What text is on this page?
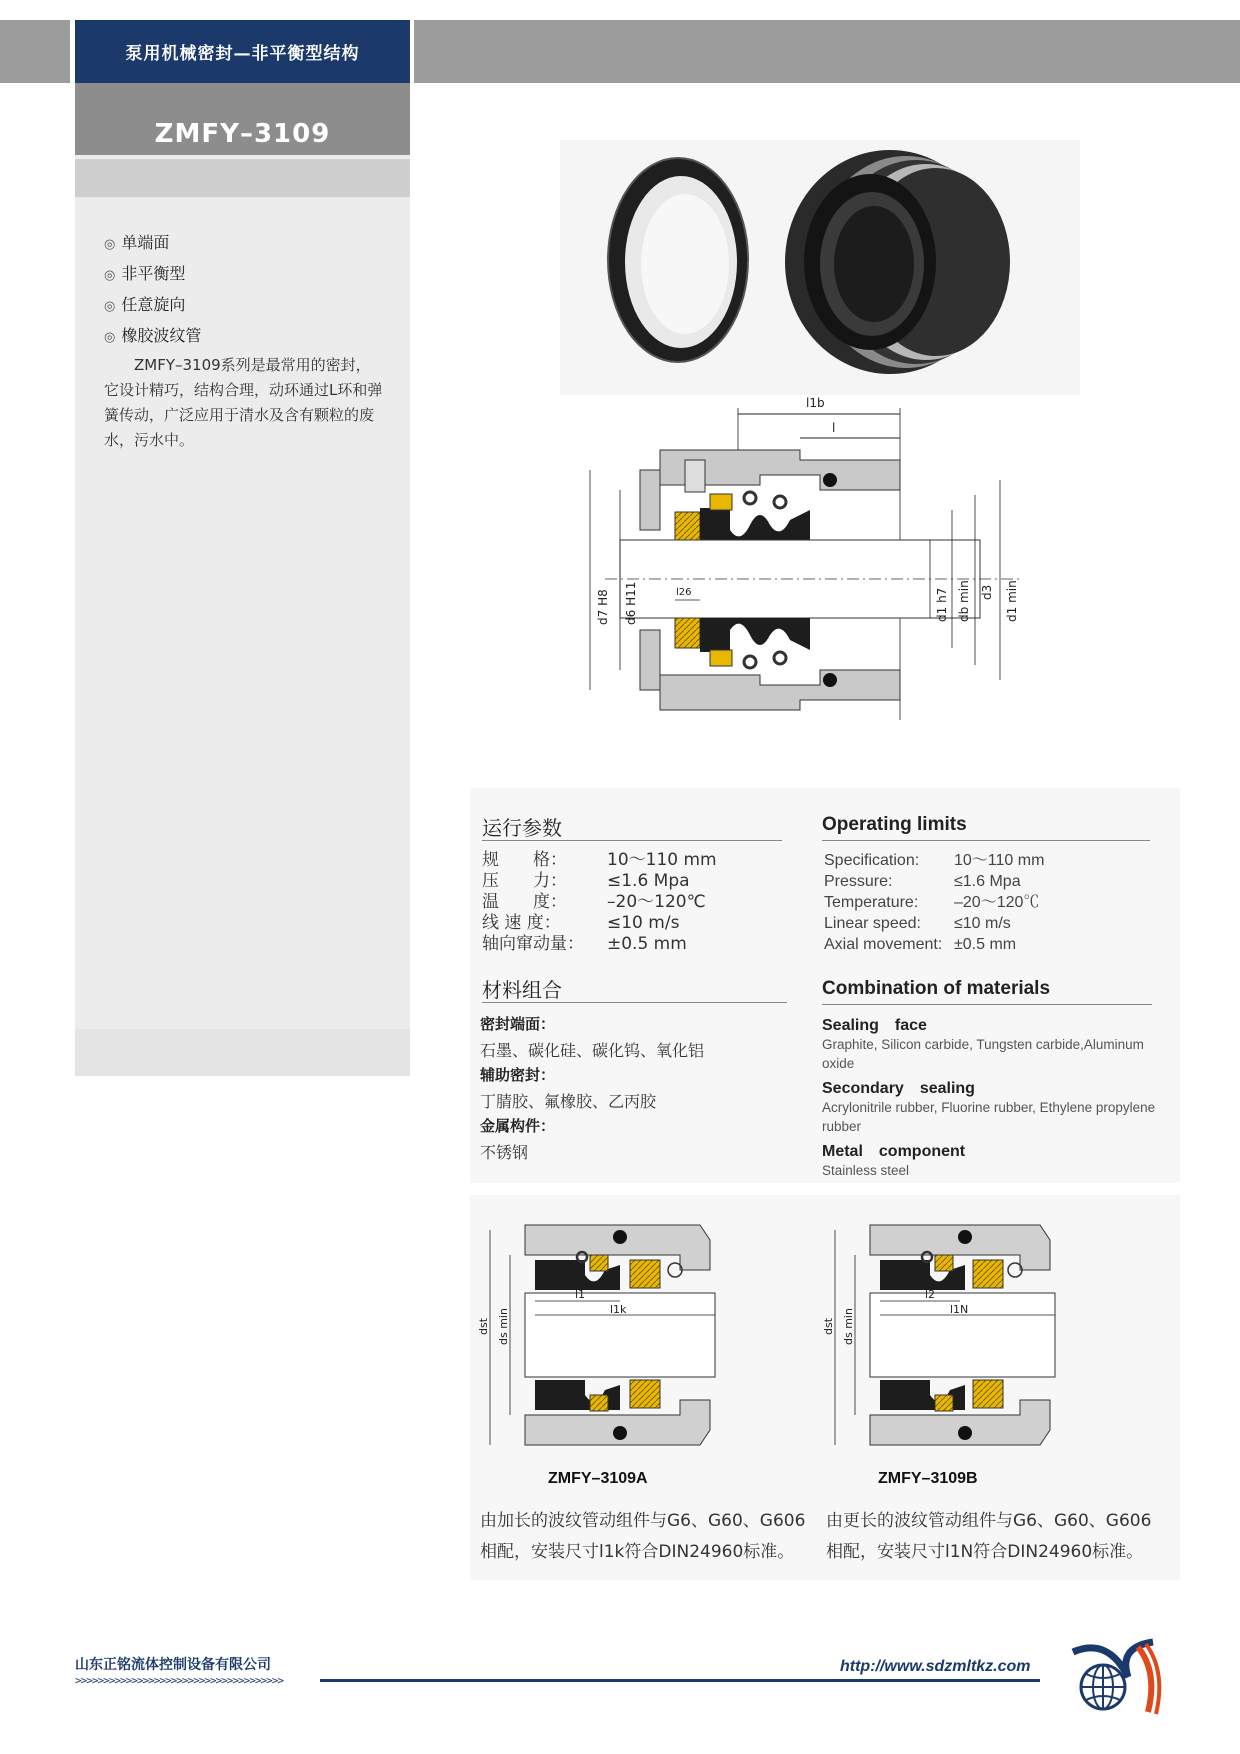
泵用机械密封—非平衡型结构
ZMFY–3109
◎ 单端面
◎ 非平衡型
◎ 任意旋向
◎ 橡胶波纹管
ZMFY–3109系列是最常用的密封，它设计精巧，结构合理，动环通过L环和弹簧传动，广泛应用于清水及含有颗粒的废水，污水中。
l1b
l
l26
d7 H8 d6 H11	d1 h7 db min d3 d1 min
运行参数
规　　格： 10～110 mm
压　　力： ≤1.6 Mpa
温　　度： –20～120℃
线 速 度：	≤10 m/s
轴向窜动量： ±0.5 mm
Operating limits
Specification: 10～110 mm
Pressure:	≤1.6 Mpa
Temperature: –20～120℃
Linear speed: ≤10 m/s
Axial movement: ±0.5 mm
材料组合
密封端面：
石墨、碳化硅、碳化钨、氧化铝
辅助密封：
丁腈胶、氟橡胶、乙丙胶
金属构件：
不锈钢
Combination of materials
Sealing　face
Graphite, Silicon carbide, Tungsten carbide,Aluminum oxide
Secondary　sealing
Acrylonitrile rubber, Fluorine rubber, Ethylene propylene rubber
Metal　component
Stainless steel
l1
l1k
dst ds min
l2
l1N
dst ds min
ZMFY–3109A	ZMFY–3109B
由加长的波纹管动组件与G6、G60、G606相配，安装尺寸l1k符合DIN24960标准。
由更长的波纹管动组件与G6、G60、G606相配，安装尺寸l1N符合DIN24960标准。
山东正铭流体控制设备有限公司
>>>>>>>>>>>>>>>>>>>>>>>>>>>>>>>>>>>>>
http://www.sdzmltkz.com
